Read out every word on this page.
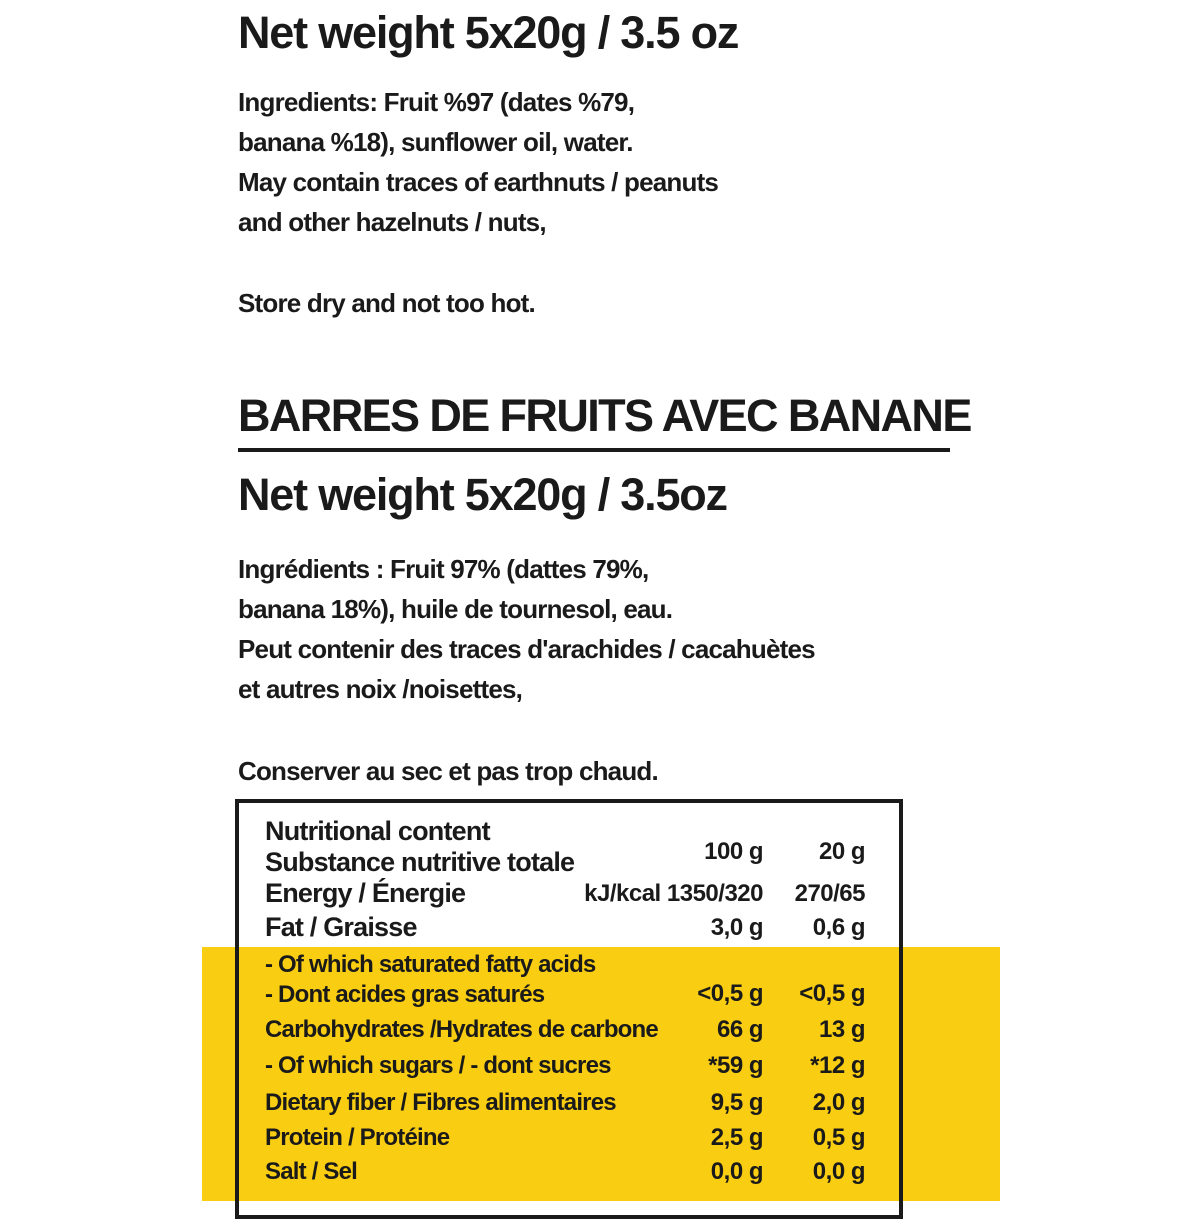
Net weight 5x20g / 3.5 oz

Ingredients: Fruit %97 (dates %79,
banana %18), sunflower oil, water.
May contain traces of earthnuts / peanuts
and other hazelnuts / nuts,

Store dry and not too hot.

BARRES DE FRUITS AVEC BANANE
Net weight 5x20g / 3.5oz

Ingrédients : Fruit 97% (dattes 79%,
banana 18%), huile de tournesol, eau.
Peut contenir des traces d'arachides / cacahuètes
et autres noix /noisettes,

Conserver au sec et pas trop chaud.

Nutritional content

Substance nutritive totale	100 g 20 g

Energy / Énergie	kJ/kcal 1350/320 270/65

Fat / Graisse	3,0 g 0,6 g

- Of which saturated fatty acids

- Dont acides gras saturés	<0,5 g <0,5 g

Carbohydrates /Hydrates de carbone 66 g 13 g

- Of which sugars / - dont sucres	*59 g *12 g

Dietary fiber / Fibres alimentaires	9,5 g 2,0 g

Protein / Protéine	2,5 g 0,5 g

Salt / Sel	0,0 g 0,0 g
